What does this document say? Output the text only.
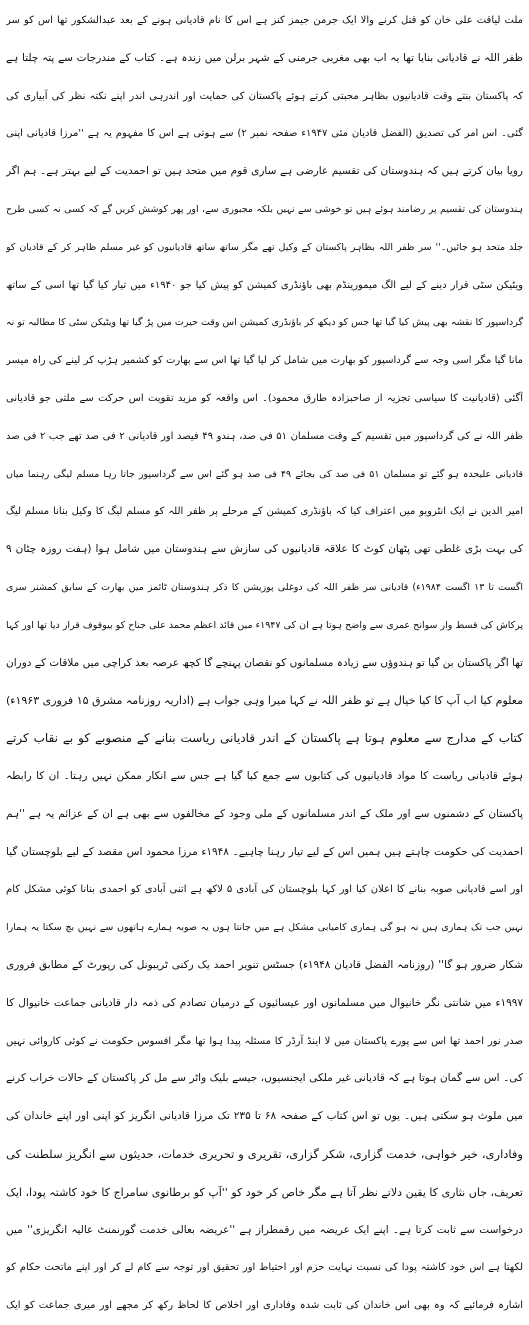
ملت لیاقت علی خان کو قتل کرنے والا ایک جرمن جیمز کنز ہے اس کا نام قادیانی ہونے کے بعد عبدالشکور تھا اس کو سر
ظفر اللہ نے قادیانی بنایا تھا یہ اب بھی مغربی جرمنی کے شہر برلن میں زندہ ہے۔ کتاب کے مندرجات سے پتہ چلتا ہے
کہ پاکستان بنتے وقت قادیانیوں بظاہر محبتی کرتے ہوئے پاکستان کی حمایت اور اندرہی اندر اپنے نکتہ نظر کی آبیاری کی
گئی۔ اس امر کی تصدیق (الفضل قادیان مئی ۱۹۴۷ء صفحہ نمبر ۲) سے ہوتی ہے اس کا مفہوم یہ ہے ''مرزا قادیانی اپنی
رویا بیان کرتے ہیں کہ ہندوستان کی تقسیم عارضی ہے ساری قوم میں متحد ہیں تو احمدیت کے لیے بہتر ہے۔ ہم اگر
ہندوستان کی تقسیم پر رضامند ہوئے ہیں تو خوشی سے نہیں بلکہ مجبوری سے، اور پھر کوشش کریں گے کہ کسی نہ کسی طرح
جلد متحد ہو جائیں۔'' سر ظفر اللہ بظاہر پاکستان کے وکیل تھے مگر ساتھ ساتھ قادیانیوں کو غیر مسلم ظاہر کر کے قادیان کو
ویٹیکن سٹی قرار دینے کے لیے الگ میمورینڈم بھی باؤنڈری کمیشن کو پیش کیا جو ۱۹۴۰ء میں تیار کیا گیا تھا اسی کے ساتھ
گرداسپور کا نقشہ بھی پیش کیا گیا تھا جس کو دیکھ کر باؤنڈری کمیشن اس وقت حیرت میں پڑ گیا تھا ویٹیکن سٹی کا مطالبہ تو نہ
مانا گیا مگر اسی وجہ سے گرداسپور کو بھارت میں شامل کر لیا گیا تھا اس سے بھارت کو کشمیر ہڑپ کر لینے کی راہ میسر
آگئی (قادیانیت کا سیاسی تجزیہ از صاحبزادہ طارق محمود)۔ اس واقعہ کو مزید تقویت اس حرکت سے ملتی جو قادیانی
ظفر اللہ نے کی گرداسپور میں تقسیم کے وقت مسلمان ۵۱ فی صد، ہندو ۴۹ فیصد اور قادیانی ۲ فی صد تھے جب ۲ فی صد
قادیانی علیحدہ ہو گئے تو مسلمان ۵۱ فی صد کی بجائے ۴۹ فی صد ہو گئے اس سے گرداسپور جاتا رہا مسلم لیگی رہنما میاں
امیر الدین نے ایک انٹرویو میں اعتراف کیا کہ باؤنڈری کمیشن کے مرحلے پر ظفر اللہ کو مسلم لیگ کا وکیل بنانا مسلم لیگ
کی بہت بڑی غلطی تھی پٹھان کوٹ کا علاقہ قادیانیوں کی سازش سے ہندوستان میں شامل ہوا (ہفت روزہ چٹان ۹
اگست تا ۱۳ اگست ۱۹۸۴ء) قادیانی سر ظفر اللہ کی دوغلی پوزیشن کا ذکر ہندوستان ٹائمز میں بھارت کے سابق کمشنر سری
پرکاش کی قسط وار سوانح عمری سے واضح ہوتا ہے ان کی ۱۹۴۷ء میں قائد اعظم محمد علی جناح کو بیوقوف قرار دیا تھا اور کہا
تھا اگر پاکستان بن گیا تو ہندوؤں سے زیادہ مسلمانوں کو نقصان پہنچے گا کچھ عرصہ بعد کراچی میں ملاقات کے دوران
معلوم کیا اب آپ کا کیا خیال ہے تو ظفر اللہ نے کہا میرا وہی جواب ہے (اداریہ روزنامہ مشرق ۱۵ فروری ۱۹۶۳ء)
کتاب کے مدارج سے معلوم ہوتا ہے پاکستان کے اندر قادیانی ریاست بنانے کے منصوبے کو بے نقاب کرتے
ہوئے قادیانی ریاست کا مواد قادیانیوں کی کتابوں سے جمع کیا گیا ہے جس سے انکار ممکن نہیں رہتا۔ ان کا رابطہ
پاکستان کے دشمنوں سے اور ملک کے اندر مسلمانوں کے ملی وجود کے مخالفوں سے بھی ہے ان کے عزائم یہ ہے ''ہم
احمدیت کی حکومت چاہتے ہیں ہمیں اس کے لیے تیار رہنا چاہیے۔ ۱۹۴۸ء مرزا محمود اس مقصد کے لیے بلوچستان گیا
اور اسے قادیانی صوبہ بنانے کا اعلان کیا اور کہا بلوچستان کی آبادی ۵ لاکھ ہے اتنی آبادی کو احمدی بنانا کوئی مشکل کام
نہیں جب تک ہماری ہیں نہ ہو گی ہماری کامیابی مشکل ہے میں جانتا ہوں یہ صوبہ ہمارے ہاتھوں سے نہیں بچ سکتا یہ ہمارا
شکار ضرور ہو گا'' (روزنامہ الفضل قادیان ۱۹۴۸ء) جسٹس تنویر احمد یک رکنی ٹریبونل کی رپورٹ کے مطابق فروری
۱۹۹۷ء میں شانتی نگر خانیوال میں مسلمانوں اور عیسائیوں کے درمیان تصادم کی ذمہ دار قادیانی جماعت خانیوال کا
صدر نور احمد تھا اس سے پورے پاکستان میں لا اینڈ آرڈر کا مسئلہ پیدا ہوا تھا مگر افسوس حکومت نے کوئی کاروائی نہیں
کی۔ اس سے گمان ہوتا ہے کہ قادیانی غیر ملکی ایجنسیوں، جیسے بلیک واٹر سے مل کر پاکستان کے حالات خراب کرنے
میں ملوث ہو سکتی ہیں۔ یوں تو اس کتاب کے صفحہ ۶۸ تا ۲۳۵ تک مرزا قادیانی انگریز کو اپنی اور اپنے خاندان کی
وفاداری، خیر خواہی، خدمت گزاری، شکر گزاری، تقریری و تحریری خدمات، حدیثوں سے انگریز سلطنت کی
تعریف، جاں نثاری کا یقین دلاتے نظر آتا ہے مگر خاص کر خود کو ''آپ کو برطانوی سامراج کا خود کاشتہ پودا، ایک
درخواست سے ثابت کرتا ہے۔ اپنے ایک عریضہ میں رقمطراز ہے ''عریضہ بعالی خدمت گورنمنٹ عالیہ انگریزی'' میں
لکھتا ہے اس خود کاشتہ پودا کی نسبت نہایت حزم اور احتیاط اور تحقیق اور توجہ سے کام لے کر اور اپنے ماتحت حکام کو
اشارہ فرمائیے کہ وہ بھی اس خاندان کی ثابت شدہ وفاداری اور اخلاص کا لحاظ رکھ کر مجھے اور میری جماعت کو ایک
